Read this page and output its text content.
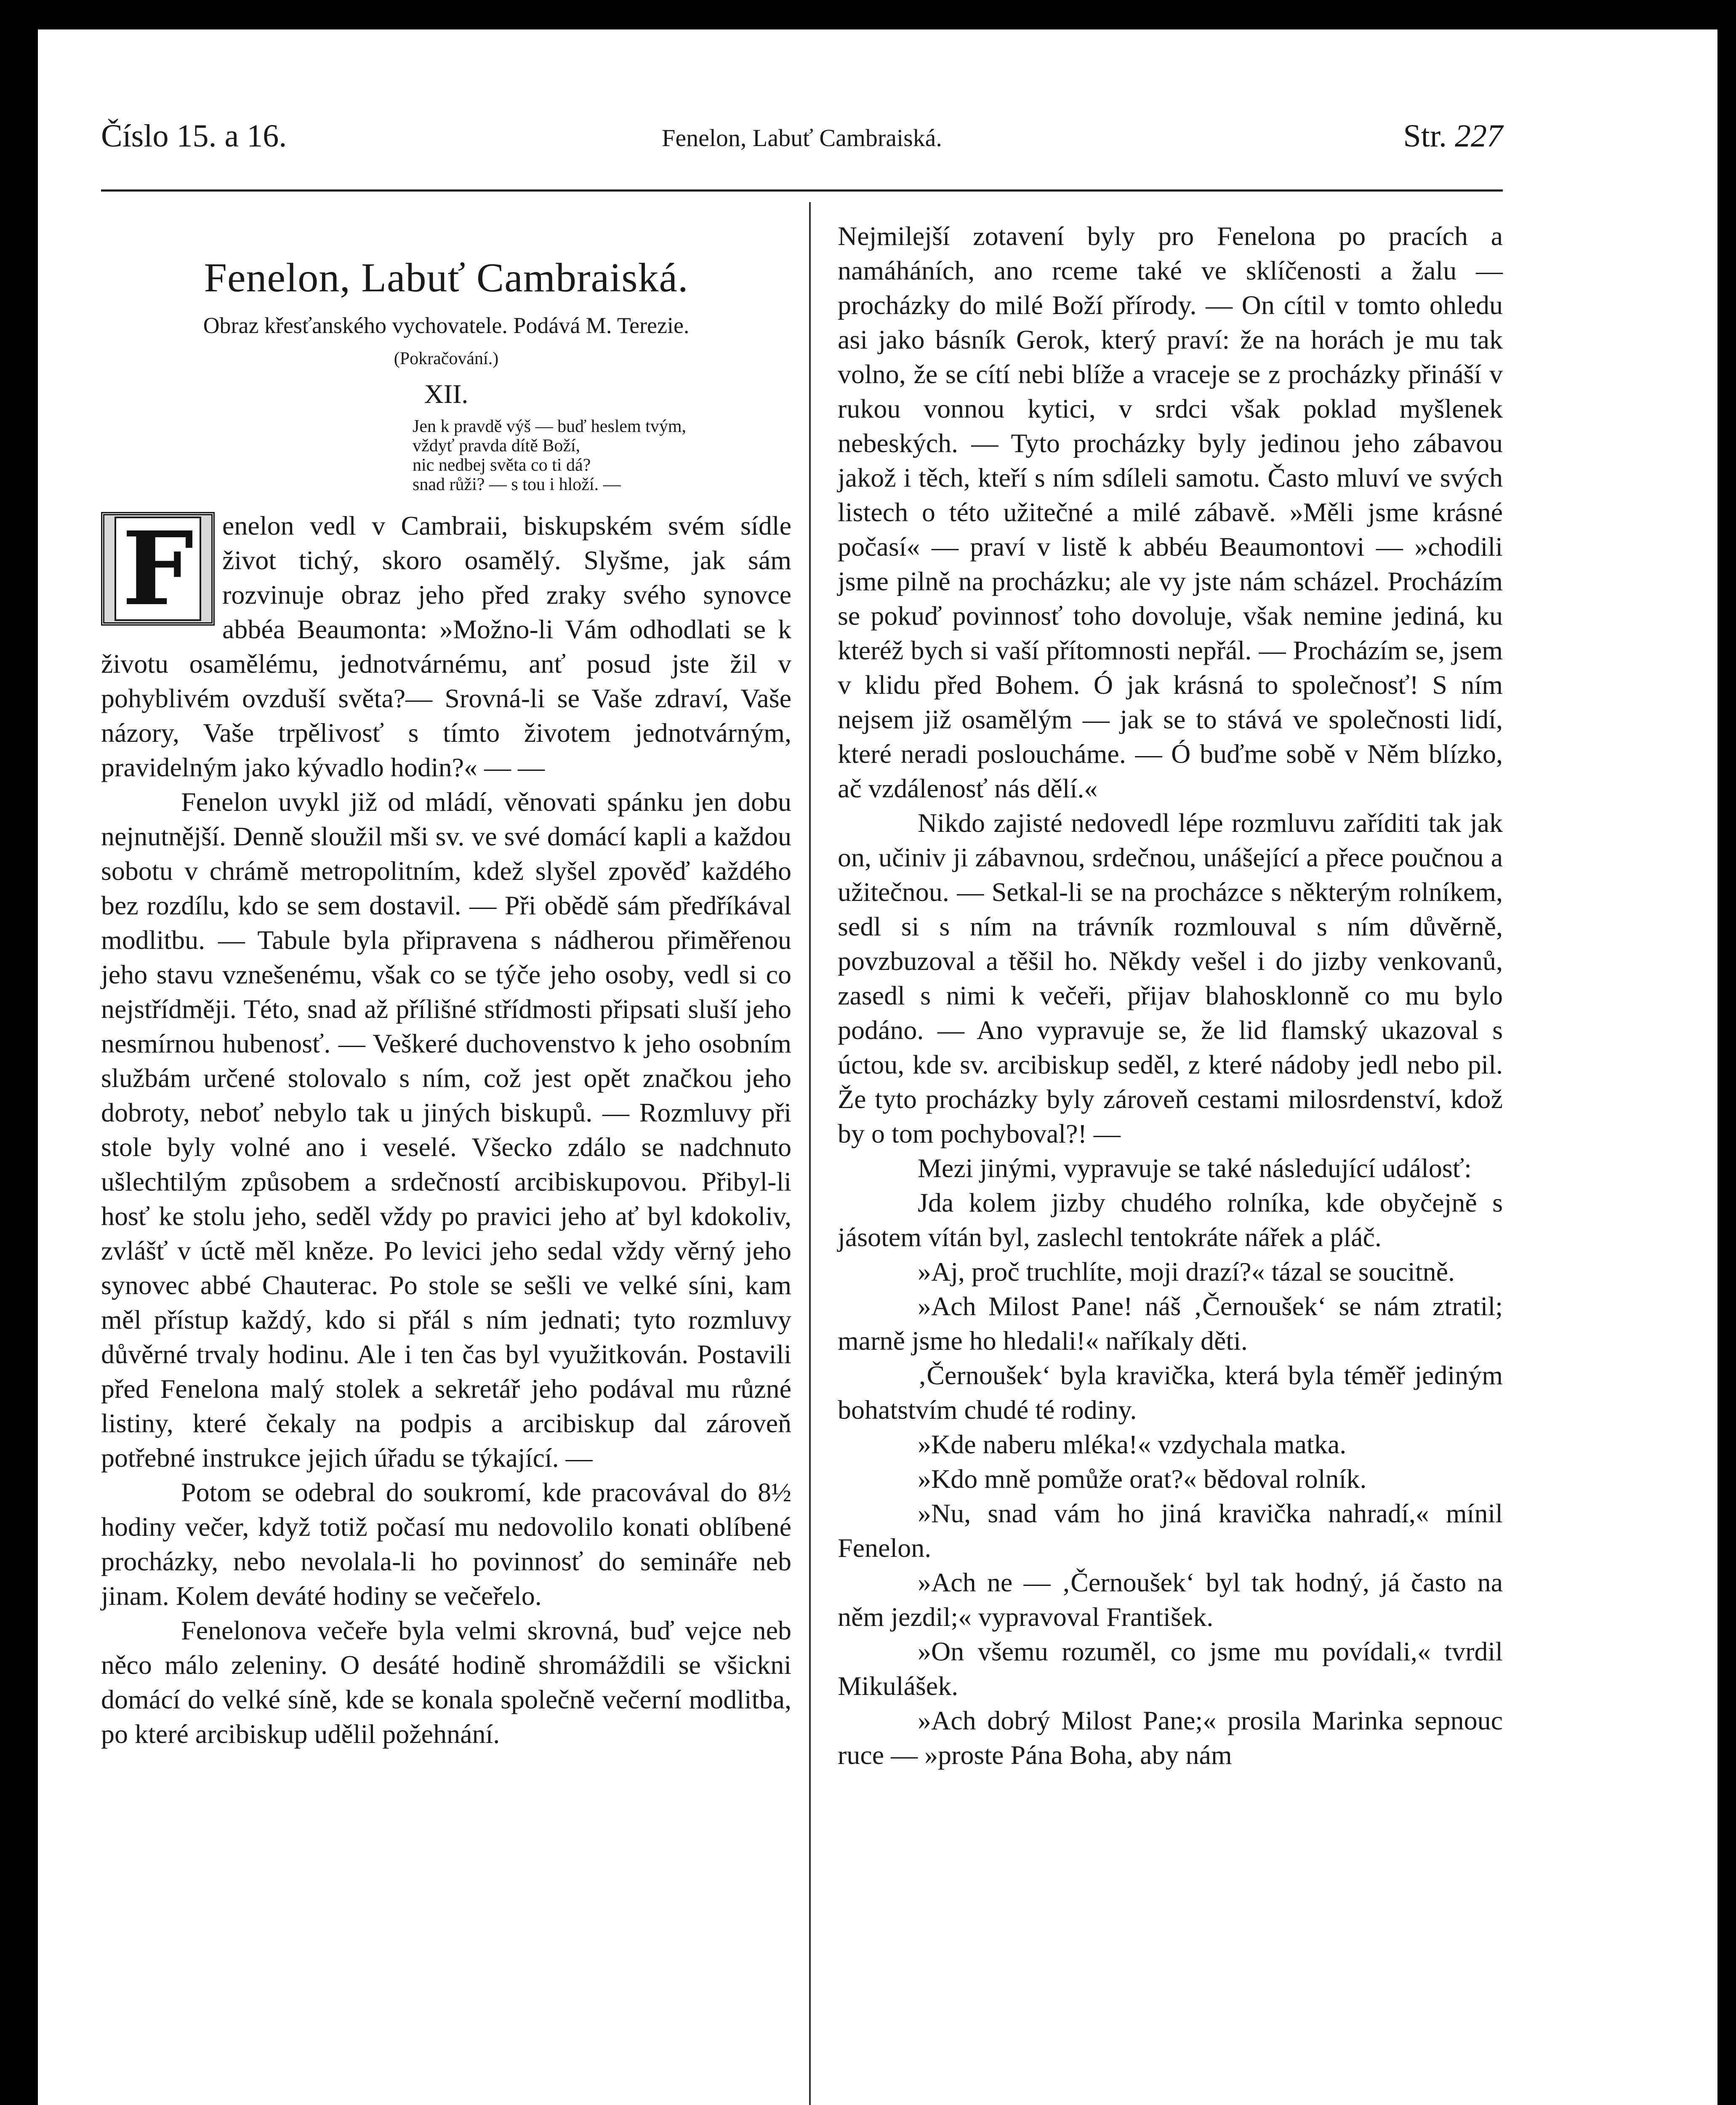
Číslo 15. a 16.	Fenelon, Labuť Cambraiská.	Str. 227
Fenelon, Labuť Cambraiská.
Obraz křesťanského vychovatele. Podává M. Terezie.
(Pokračování.)
XII.
Jen k pravdě výš — buď heslem tvým,
vždyť pravda dítě Boží,
nic nedbej světa co ti dá?
snad růži? — s tou i hloží. —
F	enelon vedl v Cambraii, biskupském svém sídle život tichý, skoro osamělý. Slyšme, jak sám rozvinuje obraz jeho před zraky svého synovce abbéa Beaumonta: »Možno-li Vám odhodlati se k životu osamělému, jednotvárnému, anť posud jste žil v pohyblivém ovzduší světa?— Srovná-li se Vaše zdraví, Vaše názory, Vaše trpělivosť s tímto životem jednotvárným, pravidelným jako kývadlo hodin?« — —

Fenelon uvykl již od mládí, věnovati spánku jen dobu nejnutnější. Denně sloužil mši sv. ve své domácí kapli a každou sobotu v chrámě metropolitním, kdež slyšel zpověď každého bez rozdílu, kdo se sem dostavil. — Při obědě sám předříkával modlitbu. — Tabule byla připravena s nádherou přiměřenou jeho stavu vznešenému, však co se týče jeho osoby, vedl si co nejstřídměji. Této, snad až přílišné střídmosti připsati sluší jeho nesmírnou hubenosť. — Veškeré duchovenstvo k jeho osobním službám určené stolovalo s ním, což jest opět značkou jeho dobroty, neboť nebylo tak u jiných biskupů. — Rozmluvy při stole byly volné ano i veselé. Všecko zdálo se nadchnuto ušlechtilým způsobem a srdečností arcibiskupovou. Přibyl-li hosť ke stolu jeho, seděl vždy po pravici jeho ať byl kdokoliv, zvlášť v úctě měl kněze. Po levici jeho sedal vždy věrný jeho synovec abbé Chauterac. Po stole se sešli ve velké síni, kam měl přístup každý, kdo si přál s ním jednati; tyto rozmluvy důvěrné trvaly hodinu. Ale i ten čas byl využitkován. Postavili před Fenelona malý stolek a sekretář jeho podával mu různé listiny, které čekaly na podpis a arcibiskup dal zároveň potřebné instrukce jejich úřadu se týkající. —

Potom se odebral do soukromí, kde pracovával do 8½ hodiny večer, když totiž počasí mu nedovolilo konati oblíbené procházky, nebo nevolala-li ho povinnosť do semináře neb jinam. Kolem deváté hodiny se večeřelo.

Fenelonova večeře byla velmi skrovná, buď vejce neb něco málo zeleniny. O desáté hodině shromáždili se všickni domácí do velké síně, kde se konala společně večerní modlitba, po které arcibiskup udělil požehnání.

Nejmilejší zotavení byly pro Fenelona po pracích a namáháních, ano rceme také ve sklíčenosti a žalu — procházky do milé Boží přírody. — On cítil v tomto ohledu asi jako básník Gerok, který praví: že na horách je mu tak volno, že se cítí nebi blíže a vraceje se z procházky přináší v rukou vonnou kytici, v srdci však poklad myšlenek nebeských. — Tyto procházky byly jedinou jeho zábavou jakož i těch, kteří s ním sdíleli samotu. Často mluví ve svých listech o této užitečné a milé zábavě. »Měli jsme krásné počasí« — praví v listě k abbéu Beaumontovi — »chodili jsme pilně na procházku; ale vy jste nám scházel. Procházím se pokuď povinnosť toho dovoluje, však nemine jediná, ku kteréž bych si vaší přítomnosti nepřál. — Procházím se, jsem v klidu před Bohem. Ó jak krásná to společnosť! S ním nejsem již osamělým — jak se to stává ve společnosti lidí, které neradi posloucháme. — Ó buďme sobě v Něm blízko, ač vzdálenosť nás dělí.«

Nikdo zajisté nedovedl lépe rozmluvu zaříditi tak jak on, učiniv ji zábavnou, srdečnou, unášející a přece poučnou a užitečnou. — Setkal-li se na procházce s některým rolníkem, sedl si s ním na trávník rozmlouval s ním důvěrně, povzbuzoval a těšil ho. Někdy vešel i do jizby venkovanů, zasedl s nimi k večeři, přijav blahosklonně co mu bylo podáno. — Ano vypravuje se, že lid flamský ukazoval s úctou, kde sv. arcibiskup seděl, z které nádoby jedl nebo pil. Že tyto procházky byly zároveň cestami milosrdenství, kdož by o tom pochyboval?! —

Mezi jinými, vypravuje se také následující událosť:

Jda kolem jizby chudého rolníka, kde obyčejně s jásotem vítán byl, zaslechl tentokráte nářek a pláč.

»Aj, proč truchlíte, moji drazí?« tázal se soucitně.

»Ach Milost Pane! náš ‚Černoušek‘ se nám ztratil; marně jsme ho hledali!« naříkaly děti.

‚Černoušek‘ byla kravička, která byla téměř jediným bohatstvím chudé té rodiny.

»Kde naberu mléka!« vzdychala matka.

»Kdo mně pomůže orat?« bědoval rolník.

»Nu, snad vám ho jiná kravička nahradí,« mínil Fenelon.

»Ach ne — ‚Černoušek‘ byl tak hodný, já často na něm jezdil;« vypravoval František.

»On všemu rozuměl, co jsme mu povídali,« tvrdil Mikulášek.

»Ach dobrý Milost Pane;« prosila Marinka sepnouc ruce — »proste Pána Boha, aby nám
